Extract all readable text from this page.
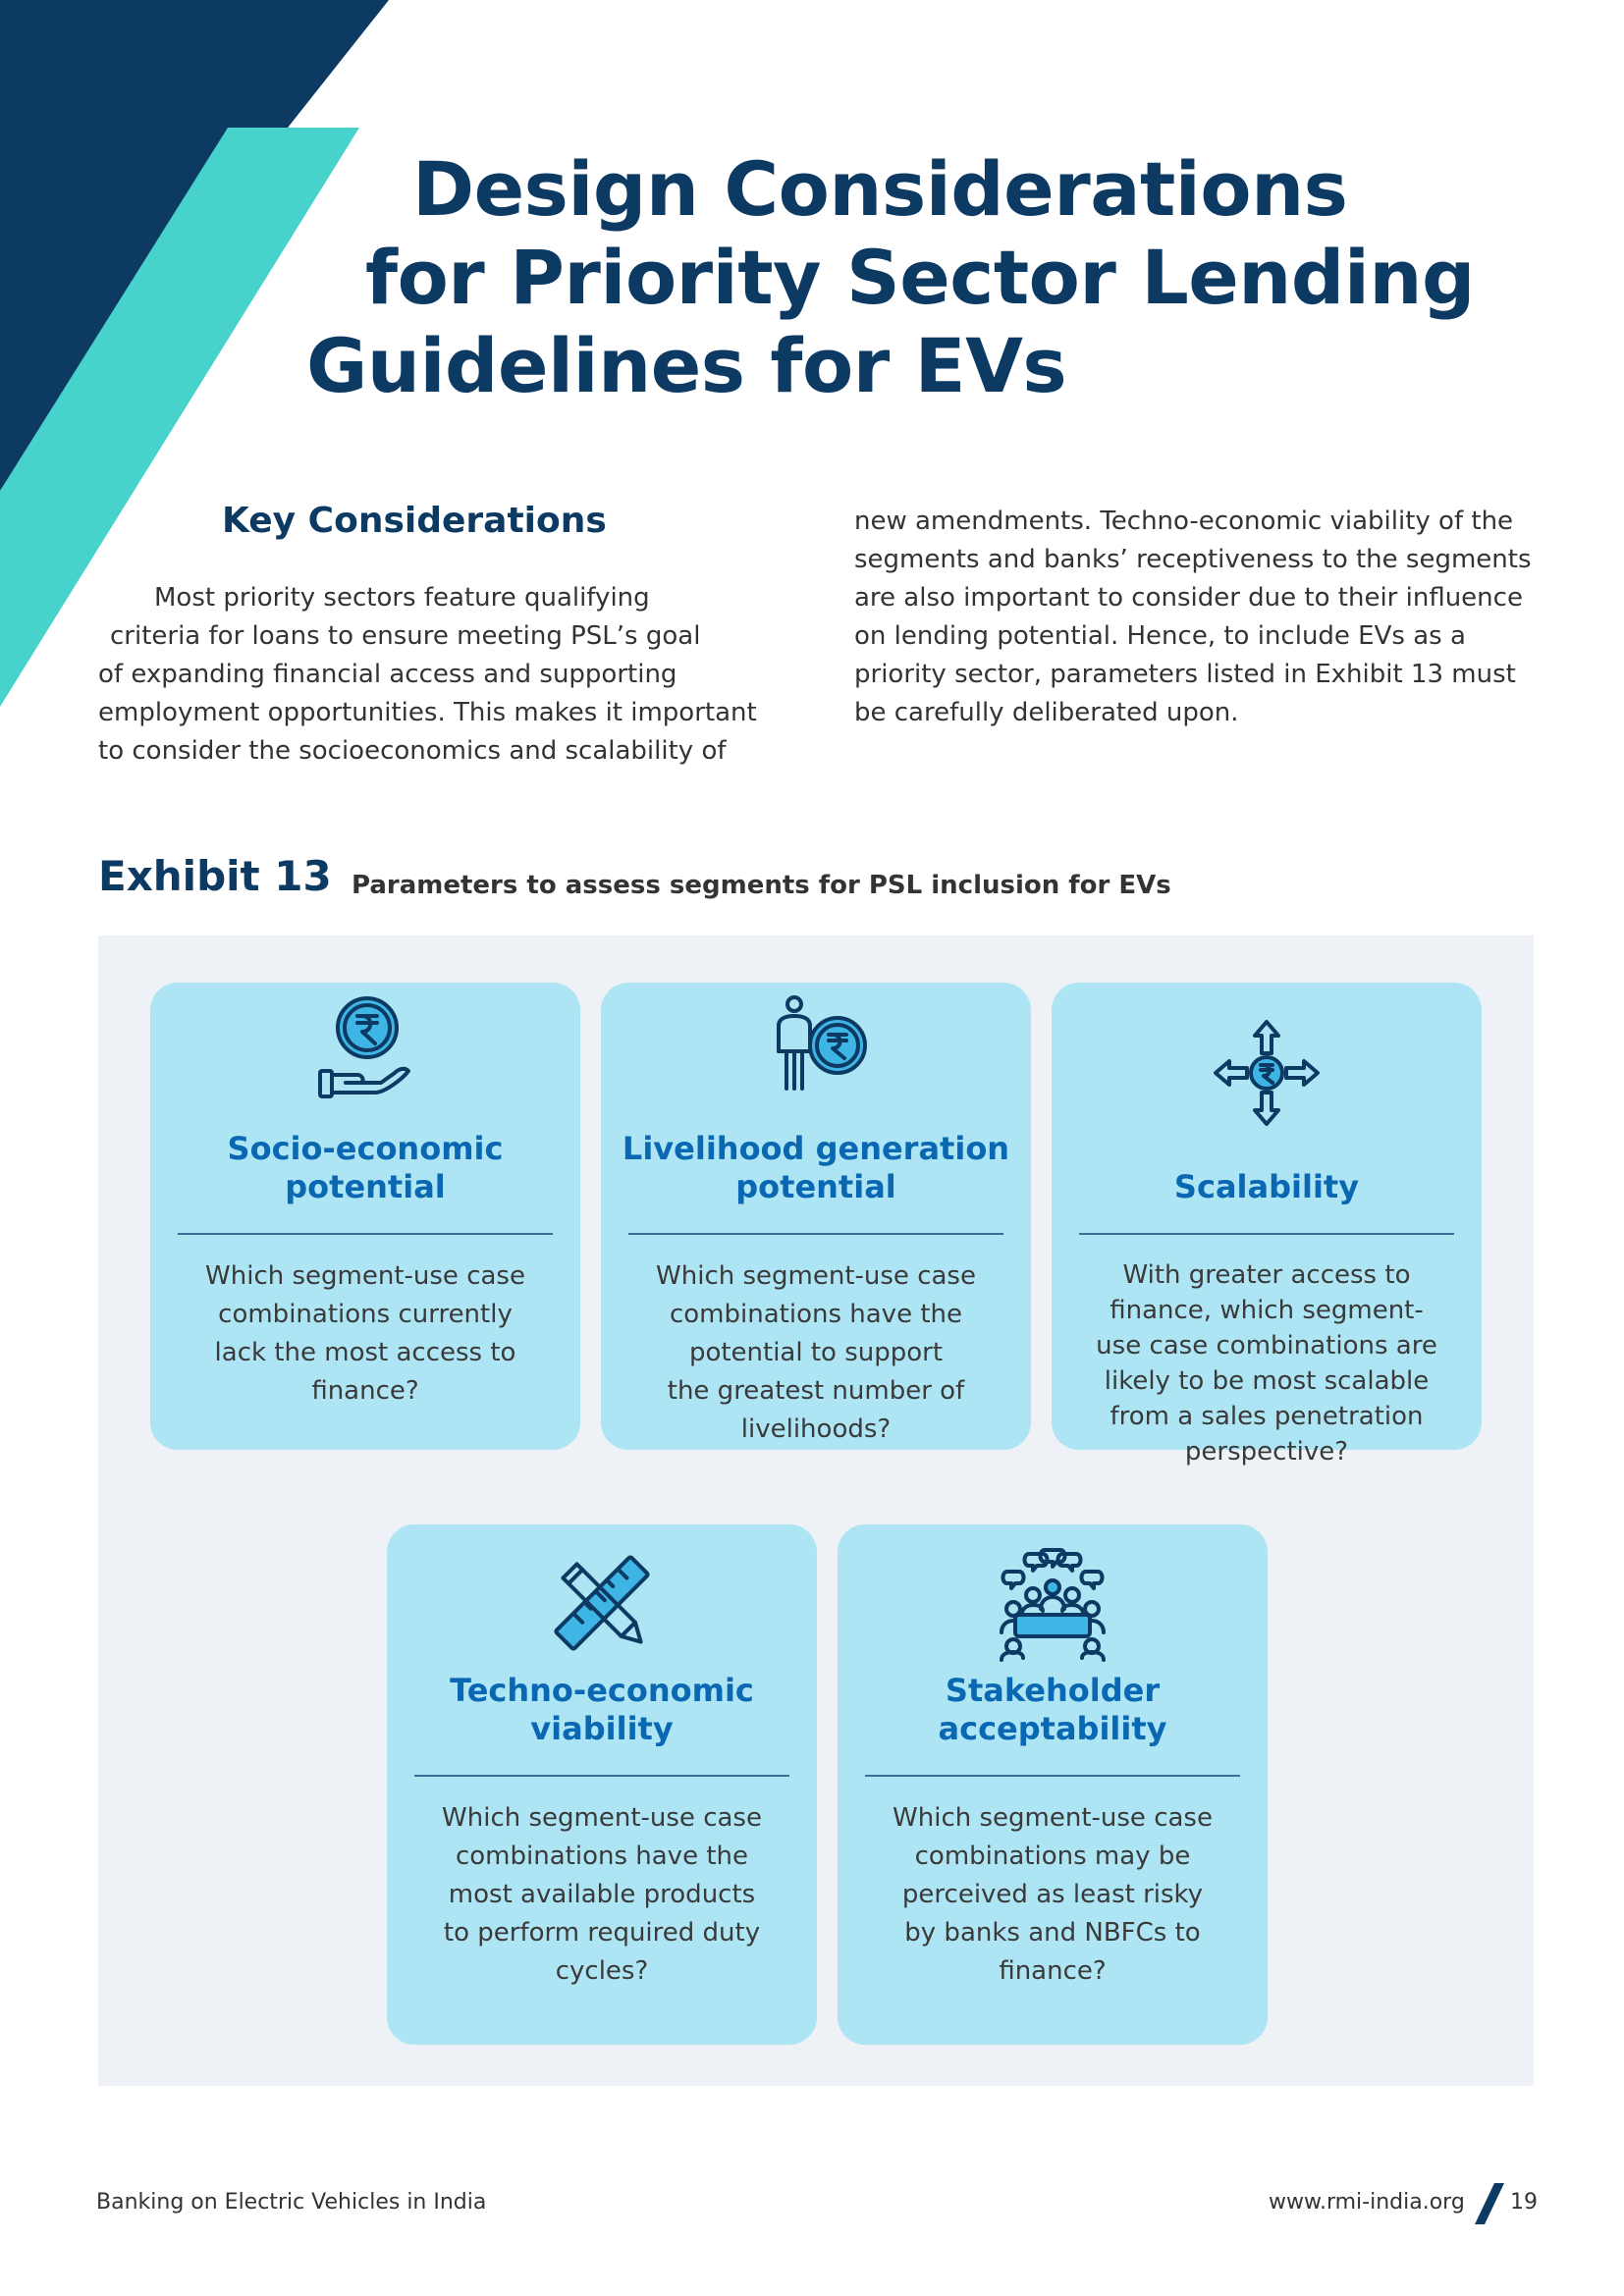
Design Considerations
for Priority Sector Lending
Guidelines for EVs
Key Considerations
Most priority sectors feature qualifying
criteria for loans to ensure meeting PSL’s goal
of expanding financial access and supporting
employment opportunities. This makes it important
to consider the socioeconomics and scalability of
new amendments. Techno-economic viability of the
segments and banks’ receptiveness to the segments
are also important to consider due to their influence
on lending potential. Hence, to include EVs as a
priority sector, parameters listed in Exhibit 13 must
be carefully deliberated upon.
Exhibit 13 Parameters to assess segments for PSL inclusion for EVs
Socio-economic
potential
Which segment-use case
combinations currently
lack the most access to
finance?
Livelihood generation
potential
Which segment-use case
combinations have the
potential to support
the greatest number of
livelihoods?
Scalability
With greater access to
finance, which segment-
use case combinations are
likely to be most scalable
from a sales penetration
perspective?
Techno-economic
viability
Which segment-use case
combinations have the
most available products
to perform required duty
cycles?
Stakeholder
acceptability
Which segment-use case
combinations may be
perceived as least risky
by banks and NBFCs to
finance?
Banking on Electric Vehicles in India	www.rmi-india.org 19
